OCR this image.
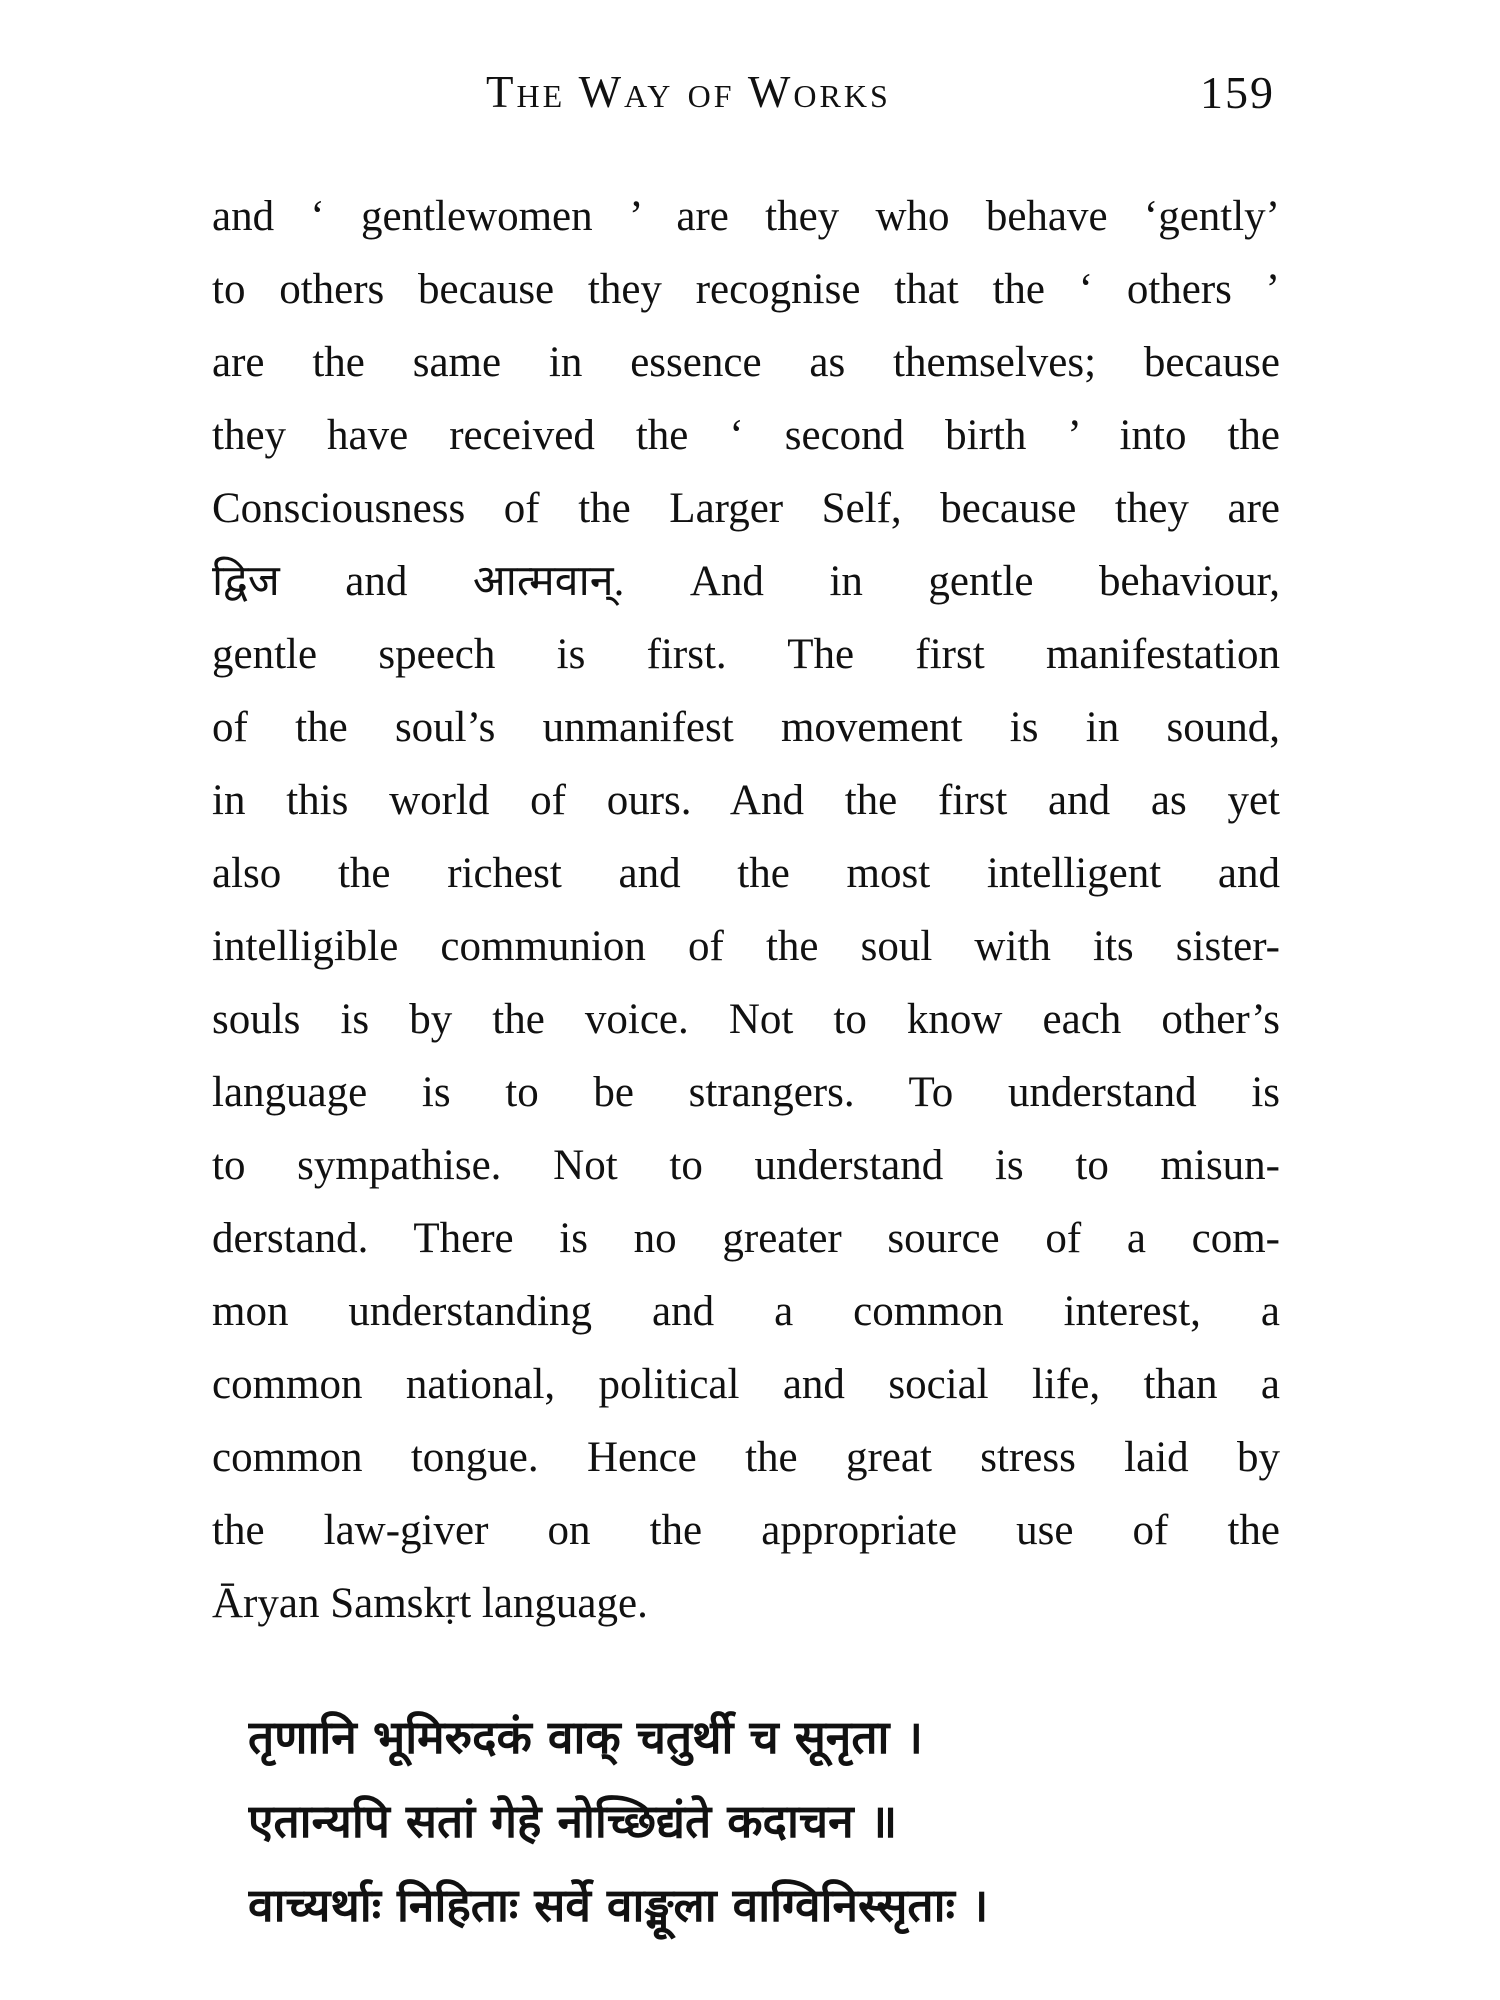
The Way of Works	159
and ‘ gentlewomen ’ are they who behave ‘gently’
to others because they recognise that the ‘ others ’
are the same in essence as themselves; because
they have received the ‘ second birth ’ into the
Consciousness of the Larger Self, because they are
द्विज and आत्मवान्. And in gentle behaviour,
gentle speech is first. The first manifestation
of the soul’s unmanifest movement is in sound,
in this world of ours. And the first and as yet
also the richest and the most intelligent and
intelligible communion of the soul with its sister-
souls is by the voice. Not to know each other’s
language is to be strangers. To understand is
to sympathise. Not to understand is to misun-
derstand. There is no greater source of a com-
mon understanding and a common interest, a
common national, political and social life, than a
common tongue. Hence the great stress laid by
the law-giver on the appropriate use of the
Āryan Samskṛt language.
तृणानि भूमिरुदकं वाक् चतुर्थी च सूनृता ।
एतान्यपि सतां गेहे नोच्छिद्यंते कदाचन ॥
वाच्यर्थाः निहिताः सर्वे वाङ्मूला वाग्विनिस्सृताः ।
